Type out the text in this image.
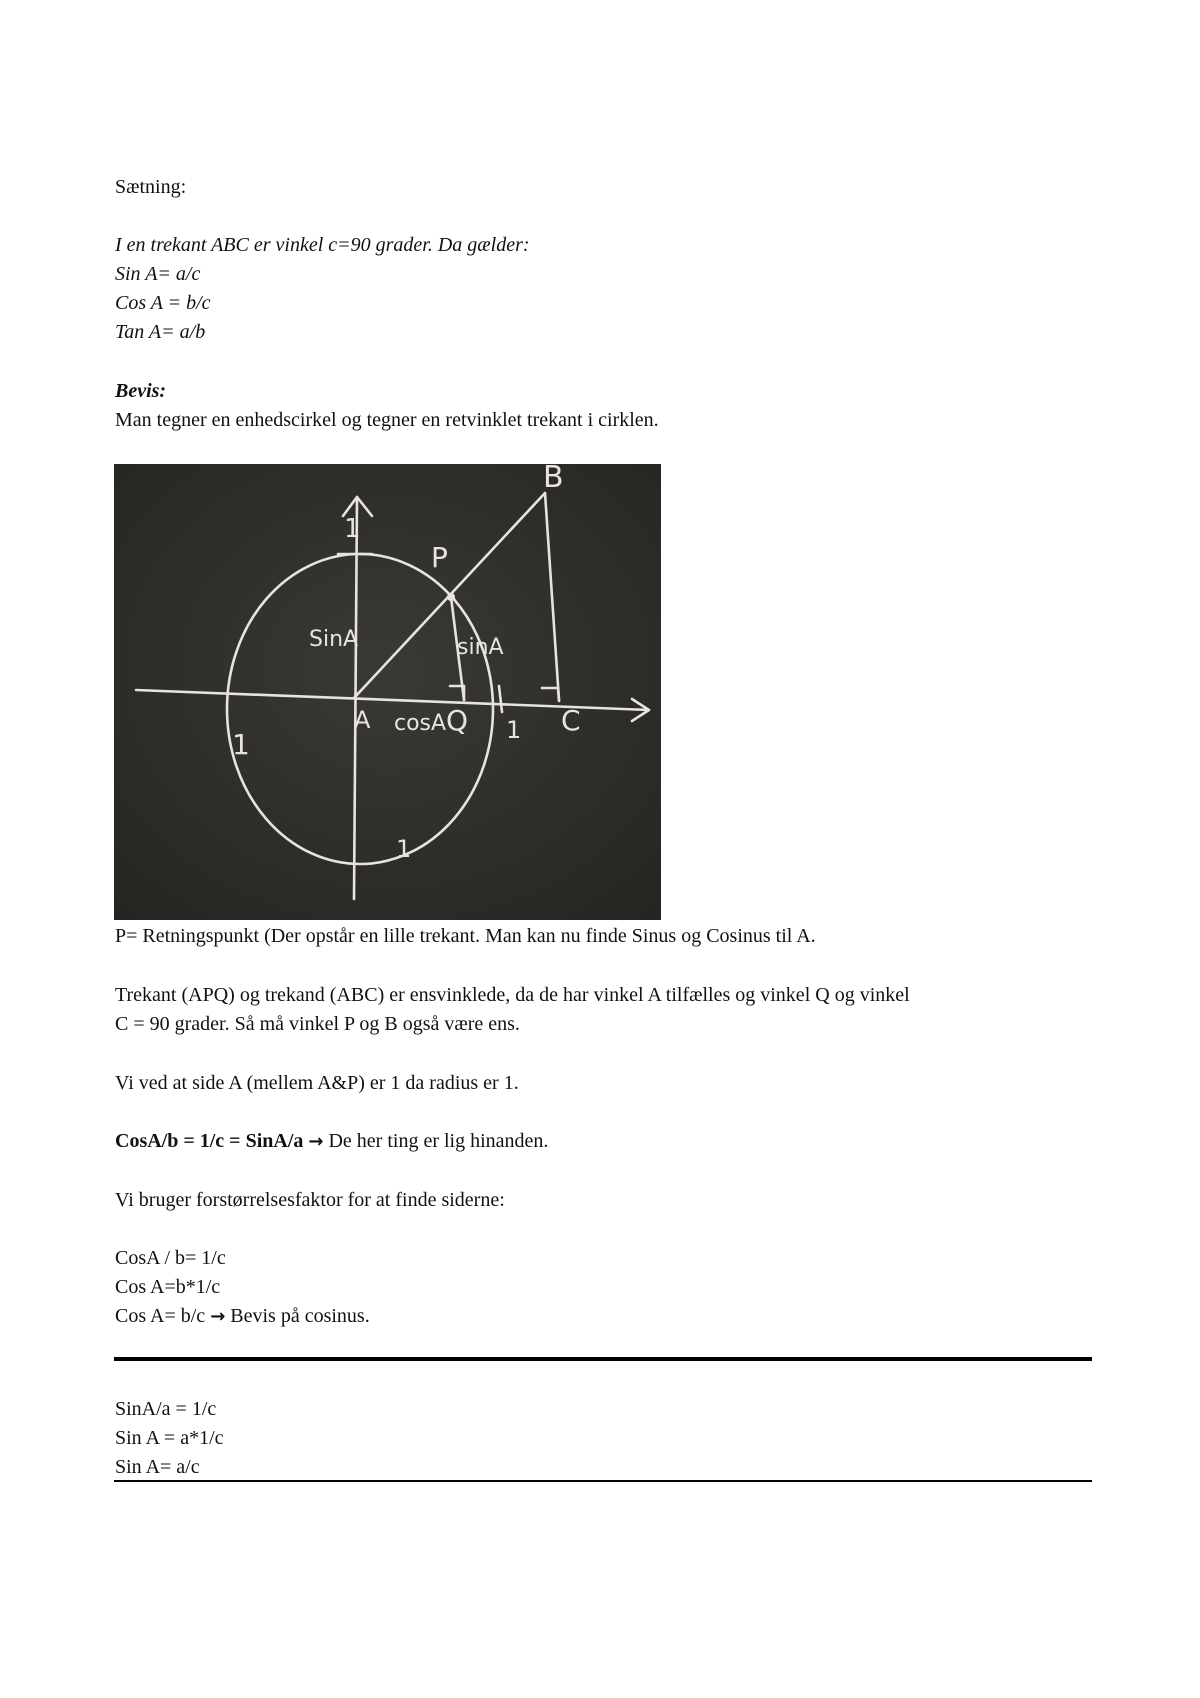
Sætning:
I en trekant ABC er vinkel c=90 grader. Da gælder:
Sin A= a/c
Cos A = b/c
Tan A= a/b
Bevis:
Man tegner en enhedscirkel og tegner en retvinklet trekant i cirklen.
B
P
SinA	sinA
A cosA Q	C
1	1
1
1
P= Retningspunkt (Der opstår en lille trekant. Man kan nu finde Sinus og Cosinus til A.
Trekant (APQ) og trekand (ABC) er ensvinklede, da de har vinkel A tilfælles og vinkel Q og vinkel
C = 90 grader. Så må vinkel P og B også være ens.
Vi ved at side A (mellem A&P) er 1 da radius er 1.
CosA/b = 1/c = SinA/a → De her ting er lig hinanden.
Vi bruger forstørrelsesfaktor for at finde siderne:
CosA / b= 1/c
Cos A=b*1/c
Cos A= b/c → Bevis på cosinus.
SinA/a = 1/c
Sin A = a*1/c
Sin A= a/c
